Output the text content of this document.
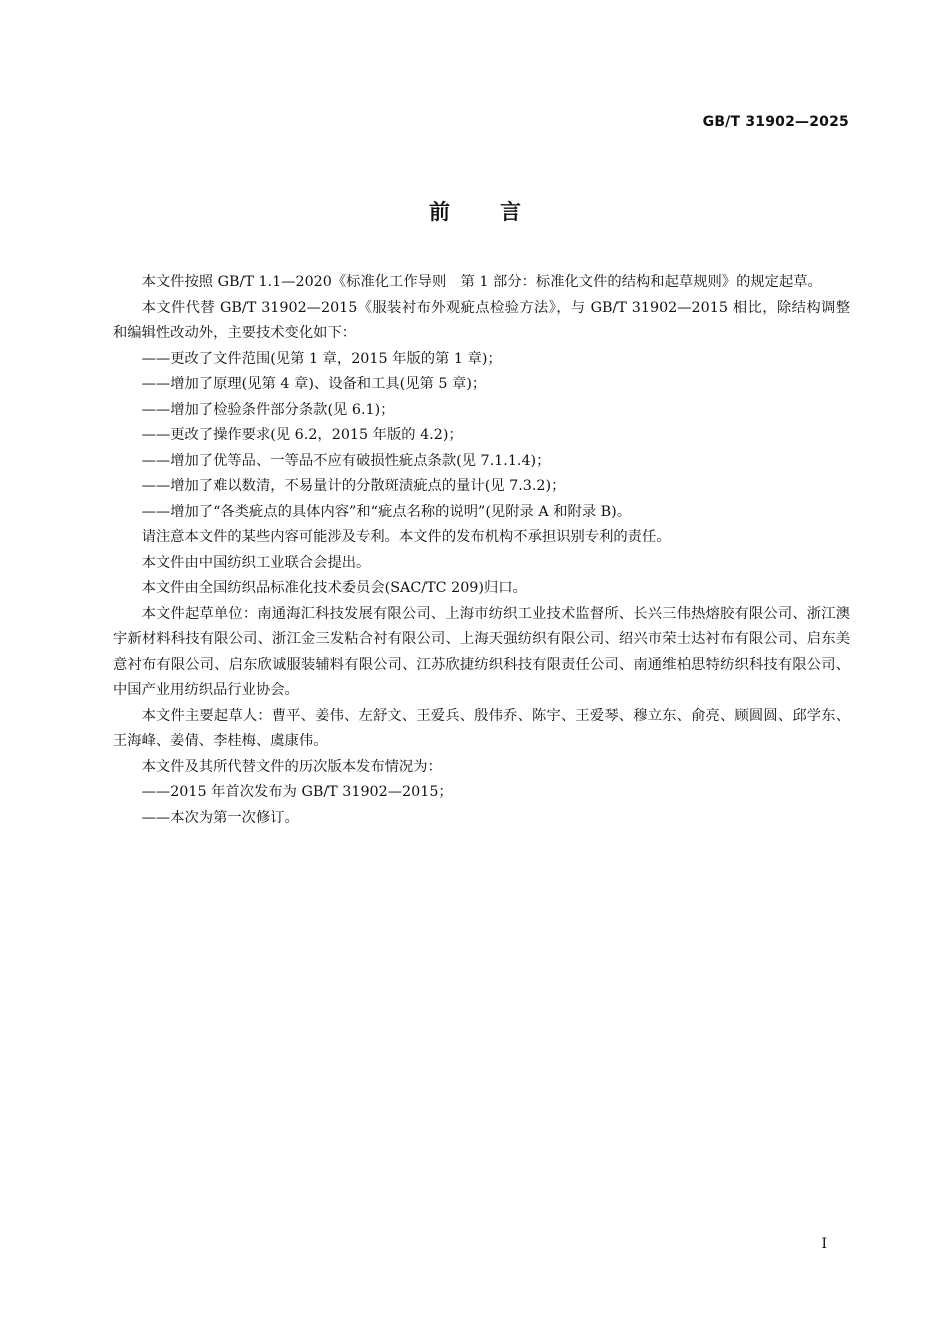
GB/T 31902—2025
前言

本文件按照 GB/T 1.1—2020《标准化工作导则　第 1 部分：标准化文件的结构和起草规则》的规定起草。

本文件代替 GB/T 31902—2015《服装衬布外观疵点检验方法》，与 GB/T 31902—2015 相比，除结构调整和编辑性改动外，主要技术变化如下：

——更改了文件范围(见第 1 章，2015 年版的第 1 章)；

——增加了原理(见第 4 章)、设备和工具(见第 5 章)；

——增加了检验条件部分条款(见 6.1)；

——更改了操作要求(见 6.2，2015 年版的 4.2)；

——增加了优等品、一等品不应有破损性疵点条款(见 7.1.1.4)；

——增加了难以数清，不易量计的分散斑渍疵点的量计(见 7.3.2)；

——增加了“各类疵点的具体内容”和“疵点名称的说明”(见附录 A 和附录 B)。

请注意本文件的某些内容可能涉及专利。本文件的发布机构不承担识别专利的责任。

本文件由中国纺织工业联合会提出。

本文件由全国纺织品标准化技术委员会(SAC/TC 209)归口。

本文件起草单位：南通海汇科技发展有限公司、上海市纺织工业技术监督所、长兴三伟热熔胶有限公司、浙江澳宇新材料科技有限公司、浙江金三发粘合衬有限公司、上海天强纺织有限公司、绍兴市荣士达衬布有限公司、启东美意衬布有限公司、启东欣诚服装辅料有限公司、江苏欣捷纺织科技有限责任公司、南通维柏思特纺织科技有限公司、中国产业用纺织品行业协会。

本文件主要起草人：曹平、姜伟、左舒文、王爱兵、殷伟乔、陈宇、王爱琴、穆立东、俞亮、顾圆圆、邱学东、王海峰、姜倩、李桂梅、虞康伟。

本文件及其所代替文件的历次版本发布情况为：

——2015 年首次发布为 GB/T 31902—2015；

——本次为第一次修订。

I
